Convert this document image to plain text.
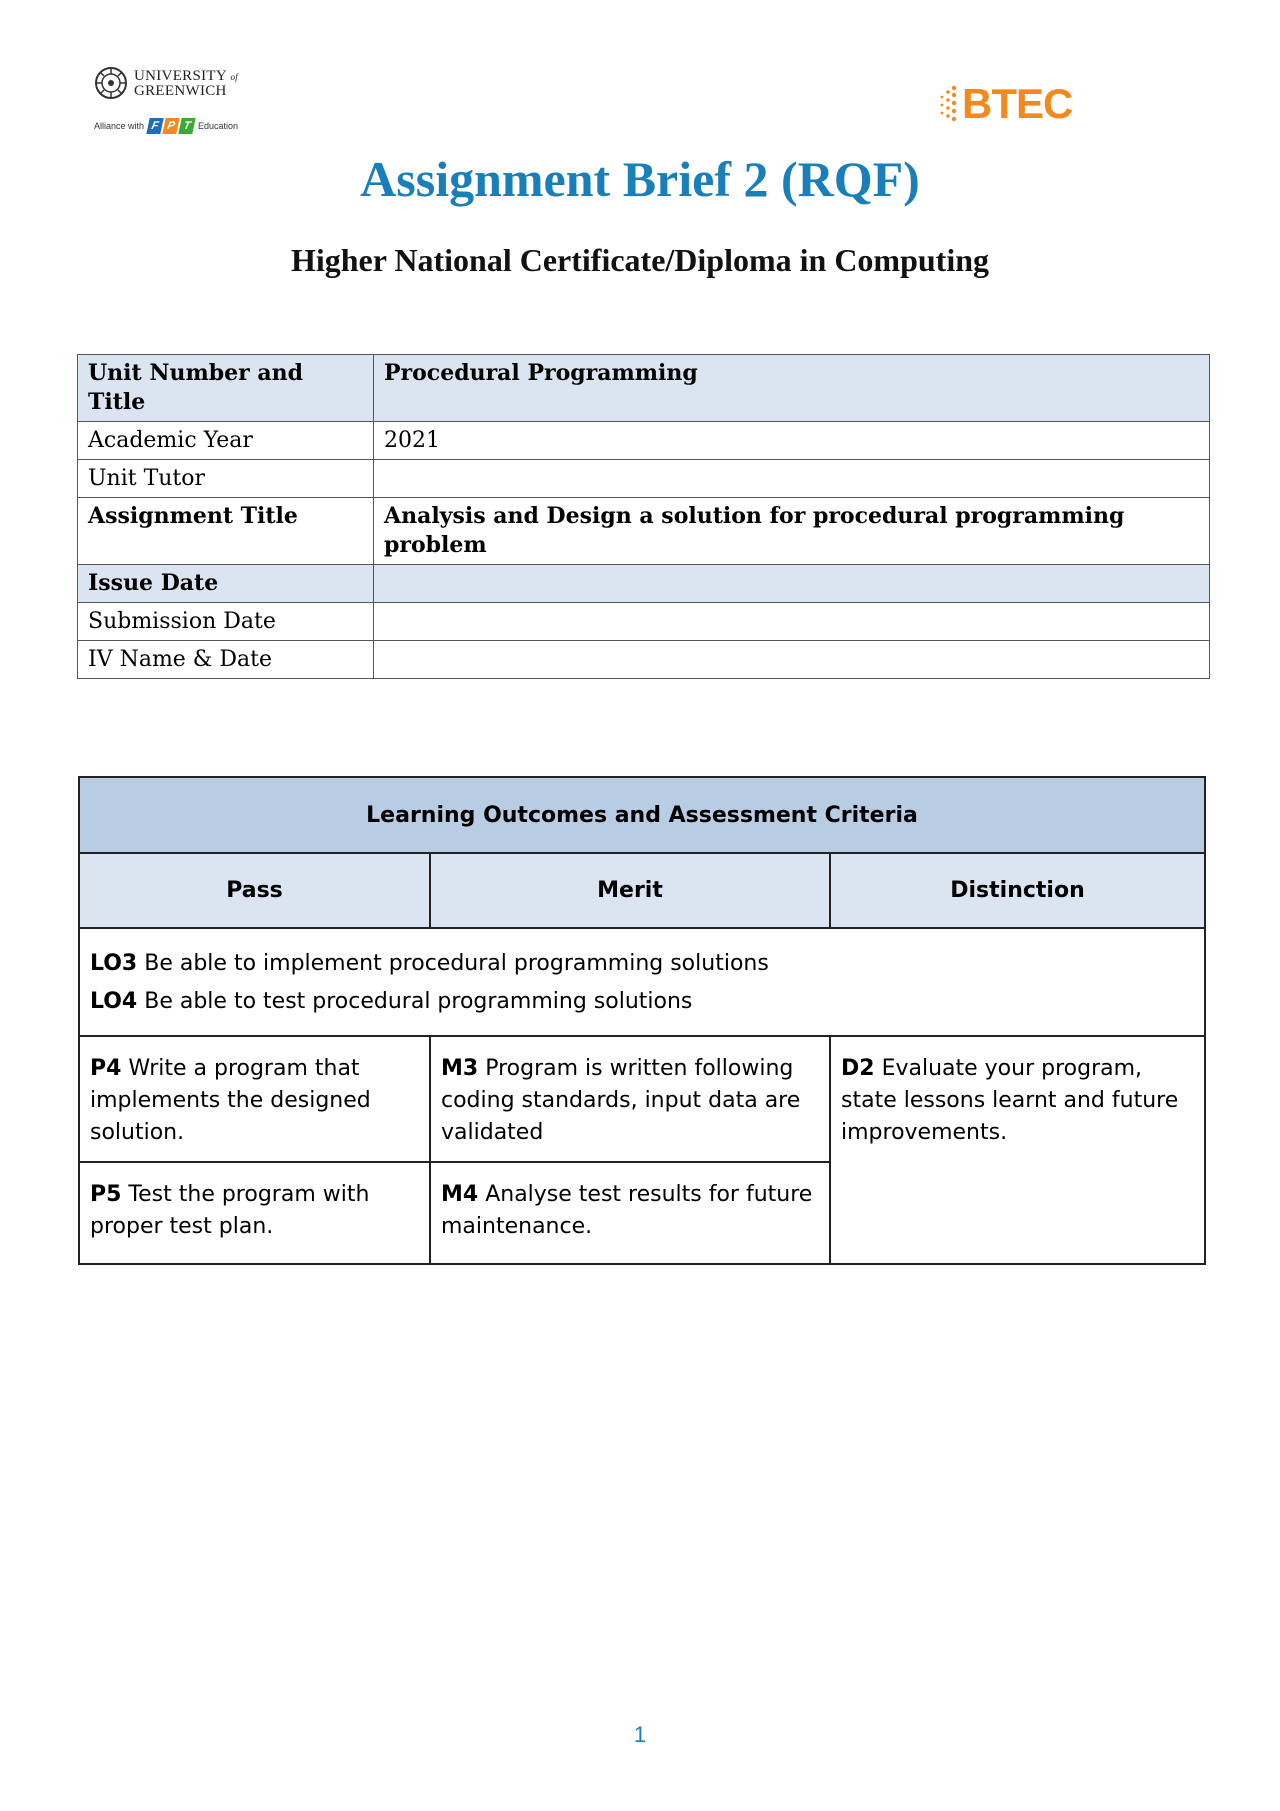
UNIVERSITY of
GREENWICH
Alliance with F P T Education	BTEC
Assignment Brief 2 (RQF)
Higher National Certificate/Diploma in Computing
Unit Number and Title	Procedural Programming
Academic Year	2021
Unit Tutor	
Assignment Title	Analysis and Design a solution for procedural programming problem
Issue Date	
Submission Date	
IV Name & Date	
Learning Outcomes and Assessment Criteria		
Pass	Merit	Distinction

LO3 Be able to implement procedural programming solutions
LO4 Be able to test procedural programming solutions		

P4 Write a program that implements the designed solution.	M3 Program is written following coding standards, input data are validated	D2 Evaluate your program, state lessons learnt and future improvements.
P5 Test the program with proper test plan.	M4 Analyse test results for future maintenance.	
1
